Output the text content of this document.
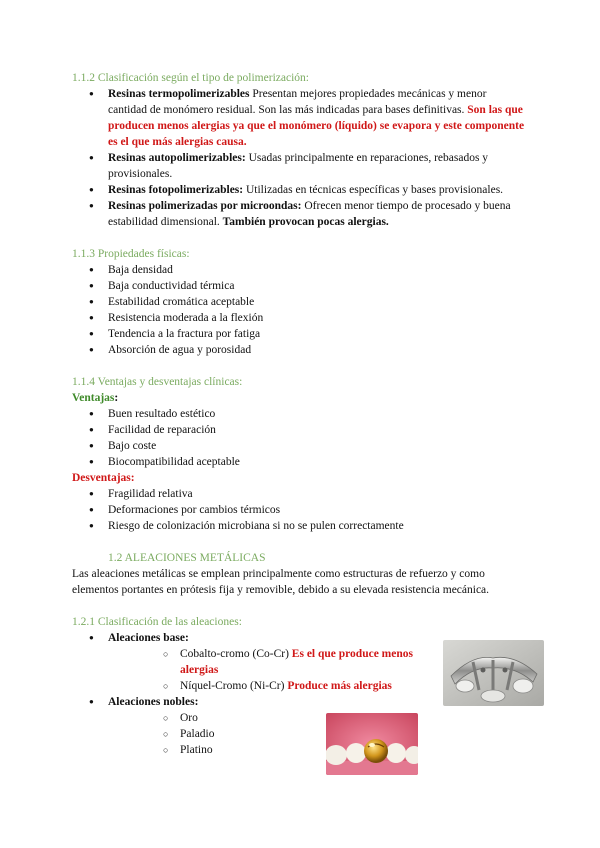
1.1.2 Clasificación según el tipo de polimerización:
● Resinas termopolimerizables Presentan mejores propiedades mecánicas y menor cantidad de monómero residual. Son las más indicadas para bases definitivas. Son las que producen menos alergias ya que el monómero (líquido) se evapora y este componente es el que más alergias causa.
● Resinas autopolimerizables: Usadas principalmente en reparaciones, rebasados y provisionales.
● Resinas fotopolimerizables: Utilizadas en técnicas específicas y bases provisionales.
● Resinas polimerizadas por microondas: Ofrecen menor tiempo de procesado y buena estabilidad dimensional. También provocan pocas alergias.
1.1.3 Propiedades físicas:
● Baja densidad
● Baja conductividad térmica
● Estabilidad cromática aceptable
● Resistencia moderada a la flexión
● Tendencia a la fractura por fatiga
● Absorción de agua y porosidad
1.1.4 Ventajas y desventajas clínicas:

Ventajas:

● Buen resultado estético
● Facilidad de reparación
● Bajo coste
● Biocompatibilidad aceptable

Desventajas:

● Fragilidad relativa
● Deformaciones por cambios térmicos
● Riesgo de colonización microbiana si no se pulen correctamente

1.2 ALEACIONES METÁLICAS

Las aleaciones metálicas se emplean principalmente como estructuras de refuerzo y como elementos portantes en prótesis fija y removible, debido a su elevada resistencia mecánica.

1.2.1 Clasificación de las aleaciones:
● Aleaciones base:
○ Cobalto-cromo (Co-Cr) Es el que produce menos alergias
○ Níquel-Cromo (Ni-Cr) Produce más alergias
● Aleaciones nobles:
○ Oro
○ Paladio
○ Platino
